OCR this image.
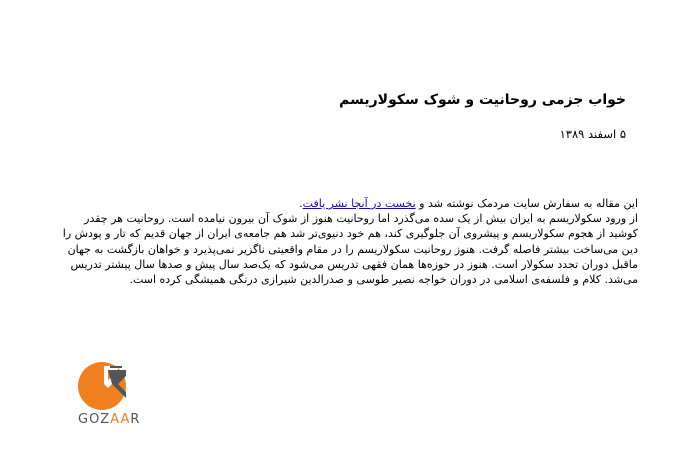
خواب جزمی روحانیت و شوک سکولاریسم
۵ اسفند ۱۳۸۹

این مقاله به سفارش سایت مردمک نوشته شد و نخست در آنجا نشر یافت.

از ورود سکولاریسم به ایران بیش از یک سده می‌گذرد اما روحانیت هنوز از شوک آن بیرون نیامده است. روحانیت هر چقدر کوشید از هجوم سکولاریسم و پیشروی آن جلوگیری کند، هم خود دنیوی‌تر شد هم جامعه‌ی ایران از جهان قدیم که تار و پودش را دین می‌ساخت بیشتر فاصله گرفت. هنوز روحانیت سکولاریسم را در مقام واقعیتی ناگزیر نمی‌پذیرد و خواهان بازگشت به جهان ماقبل دوران تجدد سکولار است. هنوز در حوزه‌ها همان فقهی تدریس می‌شود که یک‌صد سال پیش و صدها سال پیشتر تدریس می‌شد. کلام و فلسفه‌ی اسلامی در دوران خواجه نصیر طوسی و صدرالدین شیرازی درنگی همیشگی کرده است.

GOZAAR
